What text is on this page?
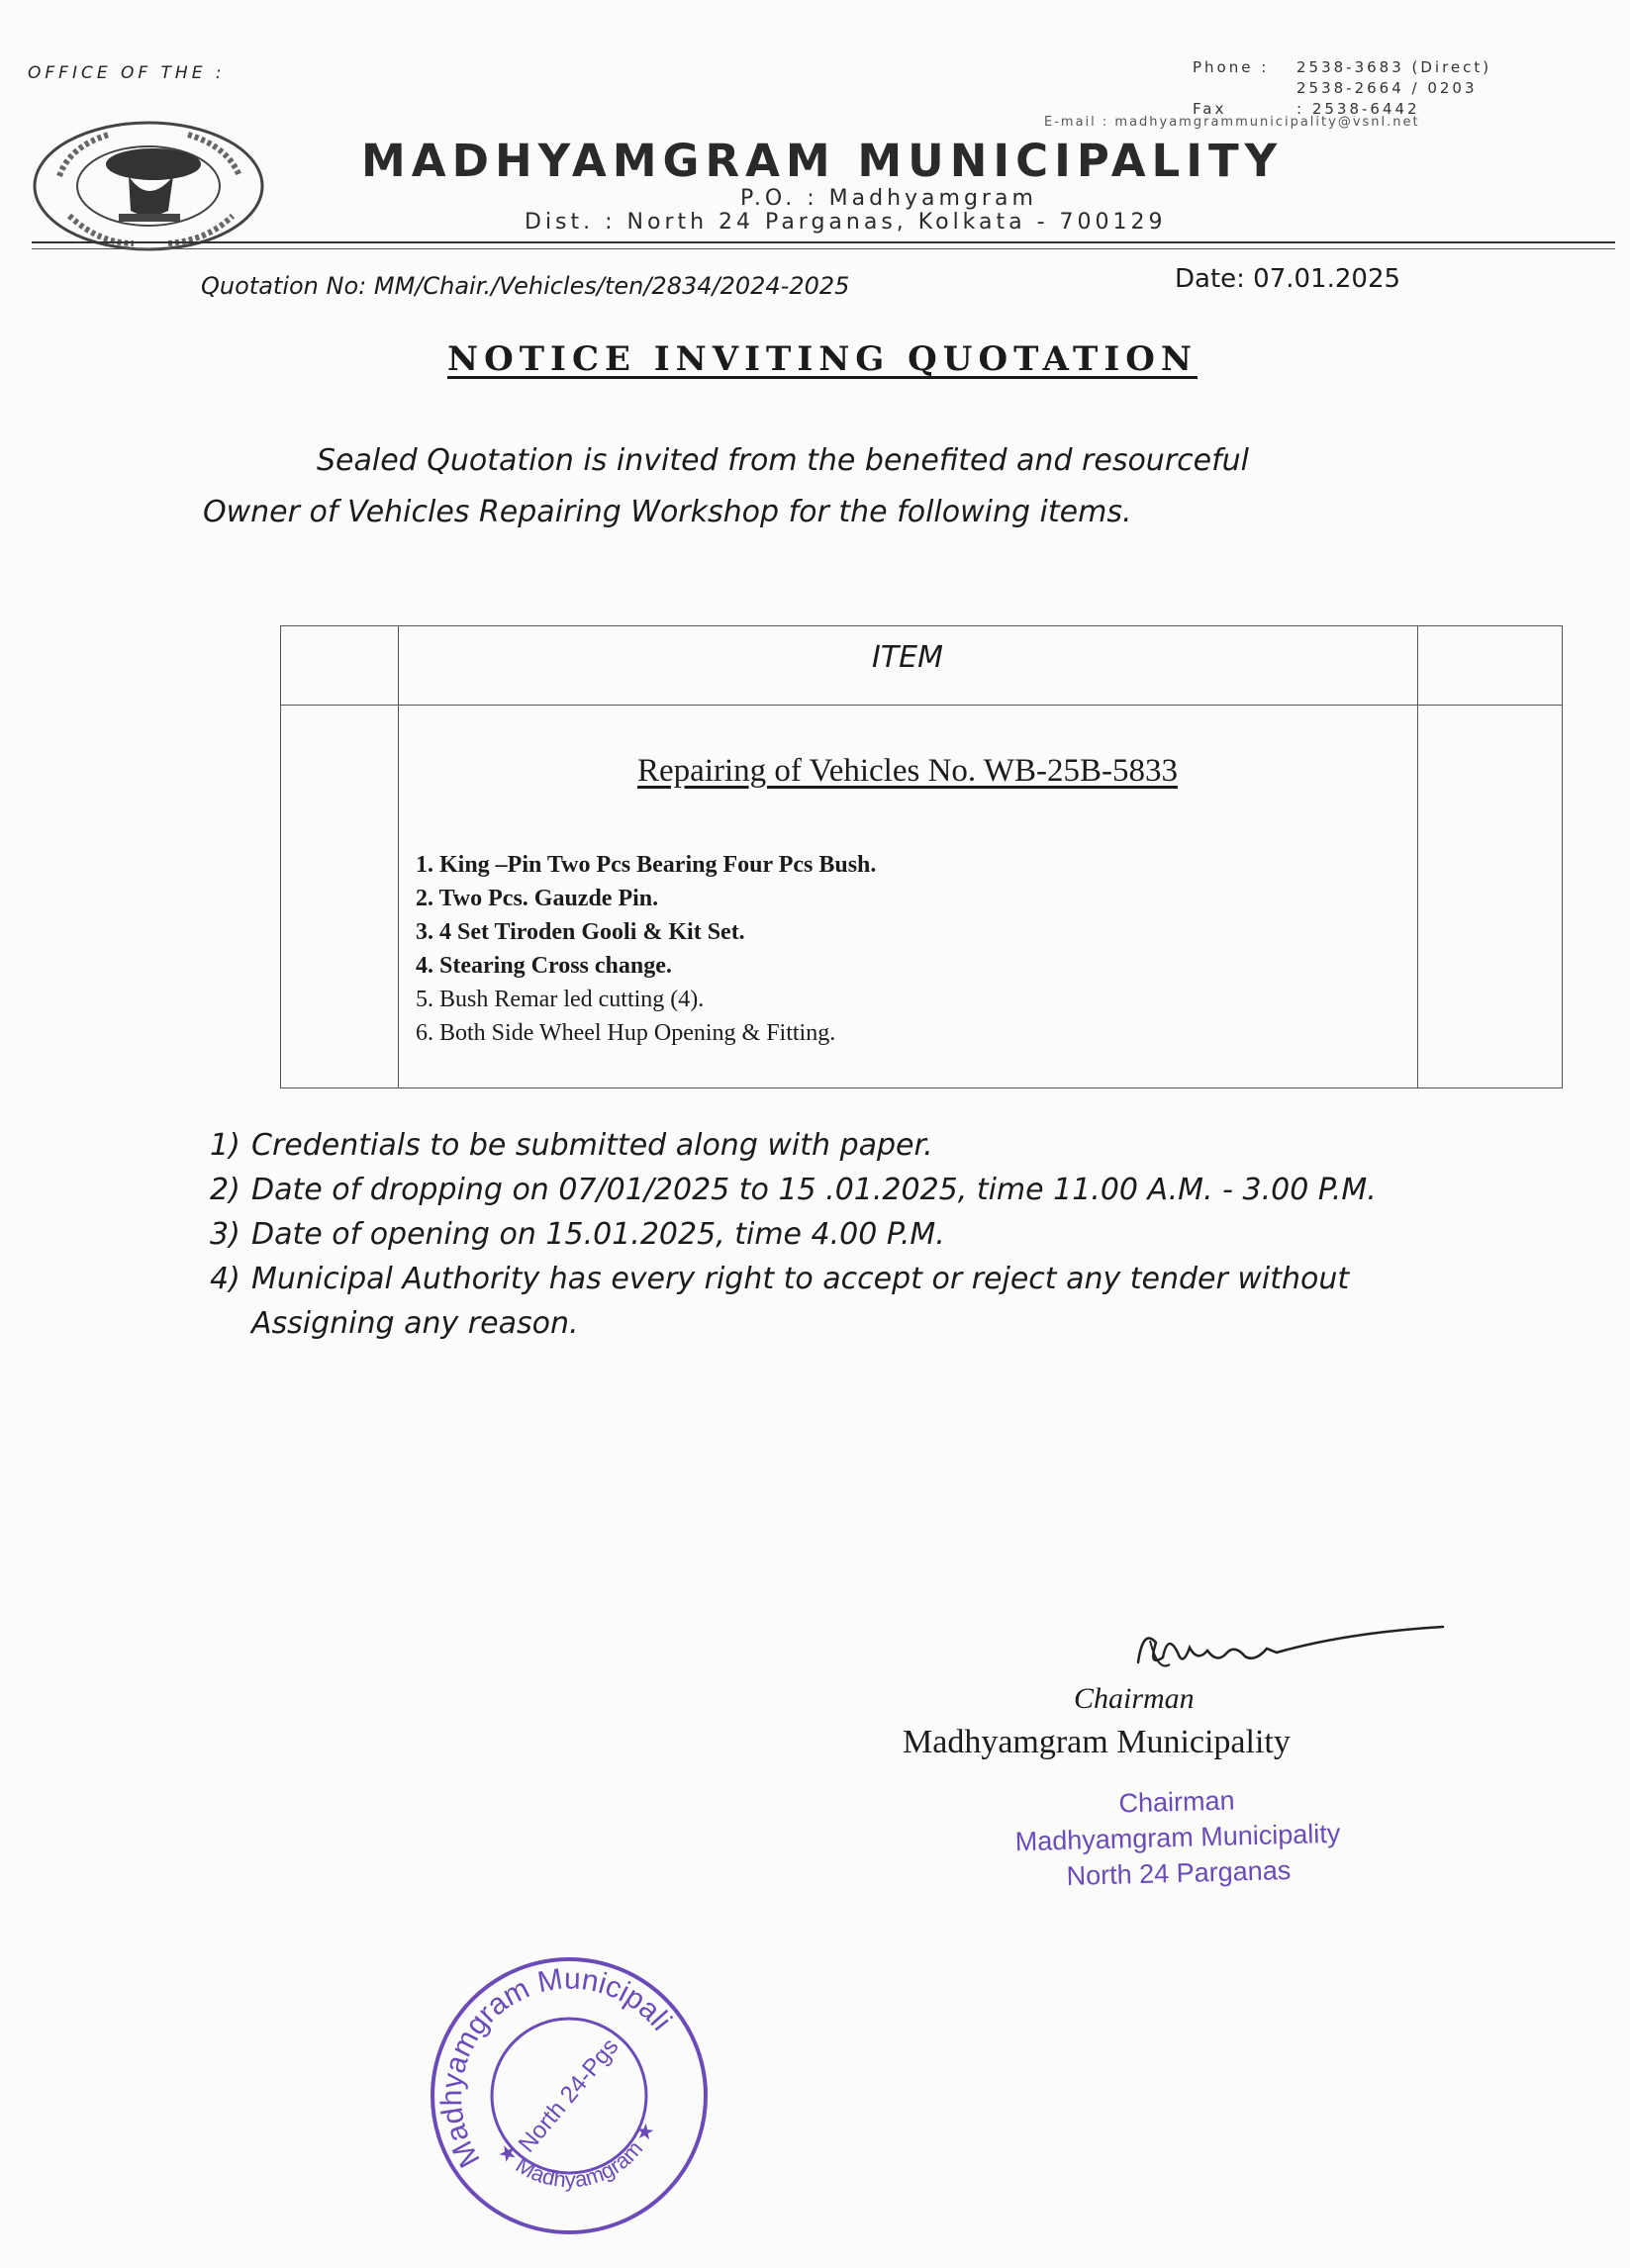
OFFICE OF THE :	Phone : 2538-3683 (Direct)
2538-2664 / 0203
Fax	: 2538-6442
E-mail : madhyamgrammunicipality@vsnl.net
MADHYAMGRAM MUNICIPALITY
P.O. : Madhyamgram
Dist. : North 24 Parganas, Kolkata - 700129
Quotation No: MM/Chair./Vehicles/ten/2834/2024-2025	Date: 07.01.2025
NOTICE INVITING QUOTATION
Sealed Quotation is invited from the benefited and resourceful
Owner of Vehicles Repairing Workshop for the following items.
ITEM
Repairing of Vehicles No. WB-25B-5833
1. King –Pin Two Pcs Bearing Four Pcs Bush.
2. Two Pcs. Gauzde Pin.
3. 4 Set Tiroden Gooli & Kit Set.
4. Stearing Cross change.
5. Bush Remar led cutting (4).
6. Both Side Wheel Hup Opening & Fitting.
1) Credentials to be submitted along with paper.
2) Date of dropping on 07/01/2025 to 15 .01.2025, time 11.00 A.M. - 3.00 P.M.
3) Date of opening on 15.01.2025, time 4.00 P.M.
4) Municipal Authority has every right to accept or reject any tender without
Assigning any reason.
Chairman
Madhyamgram Municipality
Chairman
Madhyamgram Municipality
North 24 Parganas
Madhyamgram Municipality
★ Madhyamgram ★
North 24-Pgs
